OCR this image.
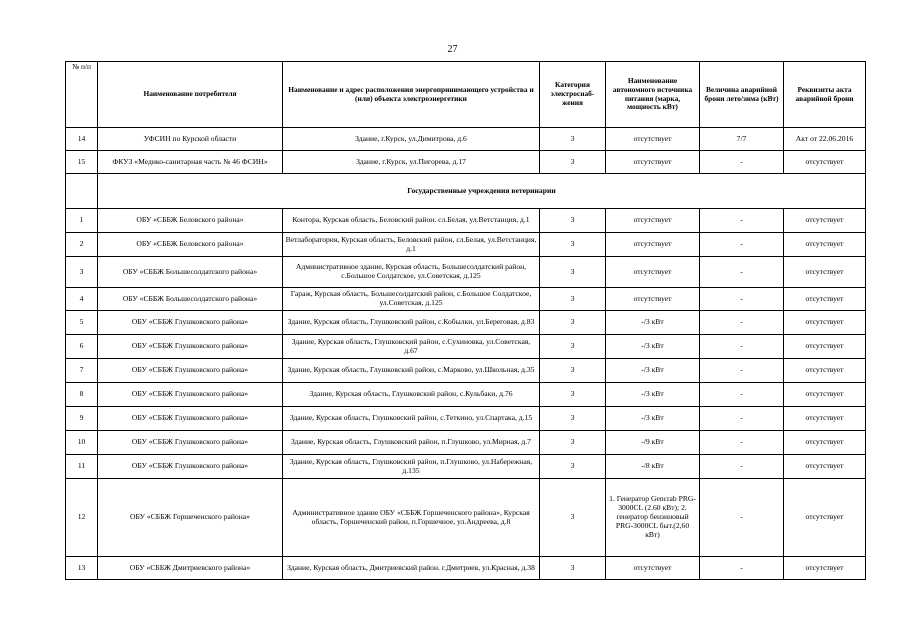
27
№ п/п	Наименование потребителя	Наименование и адрес расположения энергопринимающего устройства и (или) объекта электроэнергетики	Категория электроснаб-жения	Наименование автономного источника питания (марка, мощность кВт)	Величина аварийной брони лето/зима (кВт)	Реквизиты акта аварийной брони
14	УФСИН по Курской области	Здание, г.Курск, ул.Димитрова, д.6	3	отсутствует	7/7	Акт от 22.06.2016
15	ФКУЗ «Медико-санитарная часть № 46 ФСИН»	Здание, г.Курск, ул.Пигорева, д.17	3	отсутствует	-	отсутствует
	Государственные учреждения ветеринарии					
1	ОБУ «СББЖ Беловского района»	Контора, Курская область, Беловский район. сл.Белая, ул.Ветстанция, д.1	3	отсутствует	-	отсутствует
2	ОБУ «СББЖ Беловского района»	Ветлаборатория, Курская область, Беловский район, сл.Белая, ул.Ветстанция, д.1	3	отсутствует	-	отсутствует
3	ОБУ «СББЖ Большесолдатского района»	Административное здание, Курская область, Большесолдатский район, с.Большое Солдатское, ул.Советская, д.125	3	отсутствует	-	отсутствует
4	ОБУ «СББЖ Большесолдатского района»	Гараж, Курская область, Большесолдатский район, с.Большое Солдатское, ул.Советская, д.125	3	отсутствует	-	отсутствует
5	ОБУ «СББЖ Глушковского района»	Здание, Курская область, Глушковский район, с.Кобылки, ул.Береговая, д.83	3	-/3 кВт	-	отсутствует
6	ОБУ «СББЖ Глушковского района»	Здание, Курская область, Глушковский район, с.Сухиновка, ул.Советская, д.67	3	-/3 кВт	-	отсутствует
7	ОБУ «СББЖ Глушковского района»	Здание, Курская область, Глушковский район, с.Марково, ул.Школьная, д.35	3	-/3 кВт	-	отсутствует
8	ОБУ «СББЖ Глушковского района»	Здание, Курская область, Глушковский район, с.Кульбаки, д.76	3	-/3 кВт	-	отсутствует
9	ОБУ «СББЖ Глушковского района»	Здание, Курская область, Глушковский район, с.Теткино, ул.Спартака, д.15	3	-/3 кВт	-	отсутствует
10	ОБУ «СББЖ Глушковского района»	Здание, Курская область, Глушковский район, п.Глушково, ул.Мирная, д.7	3	-/9 кВт	-	отсутствует
11	ОБУ «СББЖ Глушковского района»	Здание, Курская область, Глушковский район, п.Глушково, ул.Набережная, д.135	3	-/8 кВт	-	отсутствует
12	ОБУ «СББЖ Горшеченского района»	Административное здание ОБУ «СББЖ Горшеченского района», Курская область, Горшеченский район, п.Горшечное, ул.Андреева, д.8	3	1. Генератор Gencrab PRG-3000CL (2.60 кВт); 2. генератор бензиновый PRG-3000CL быт.(2,60 кВт)	-	отсутствует
13	ОБУ «СББЖ Дмитриевского района»	Здание, Курская область, Дмитриевский район. г.Дмитриев, ул.Красная, д.38	3	отсутствует	-	отсутствует
